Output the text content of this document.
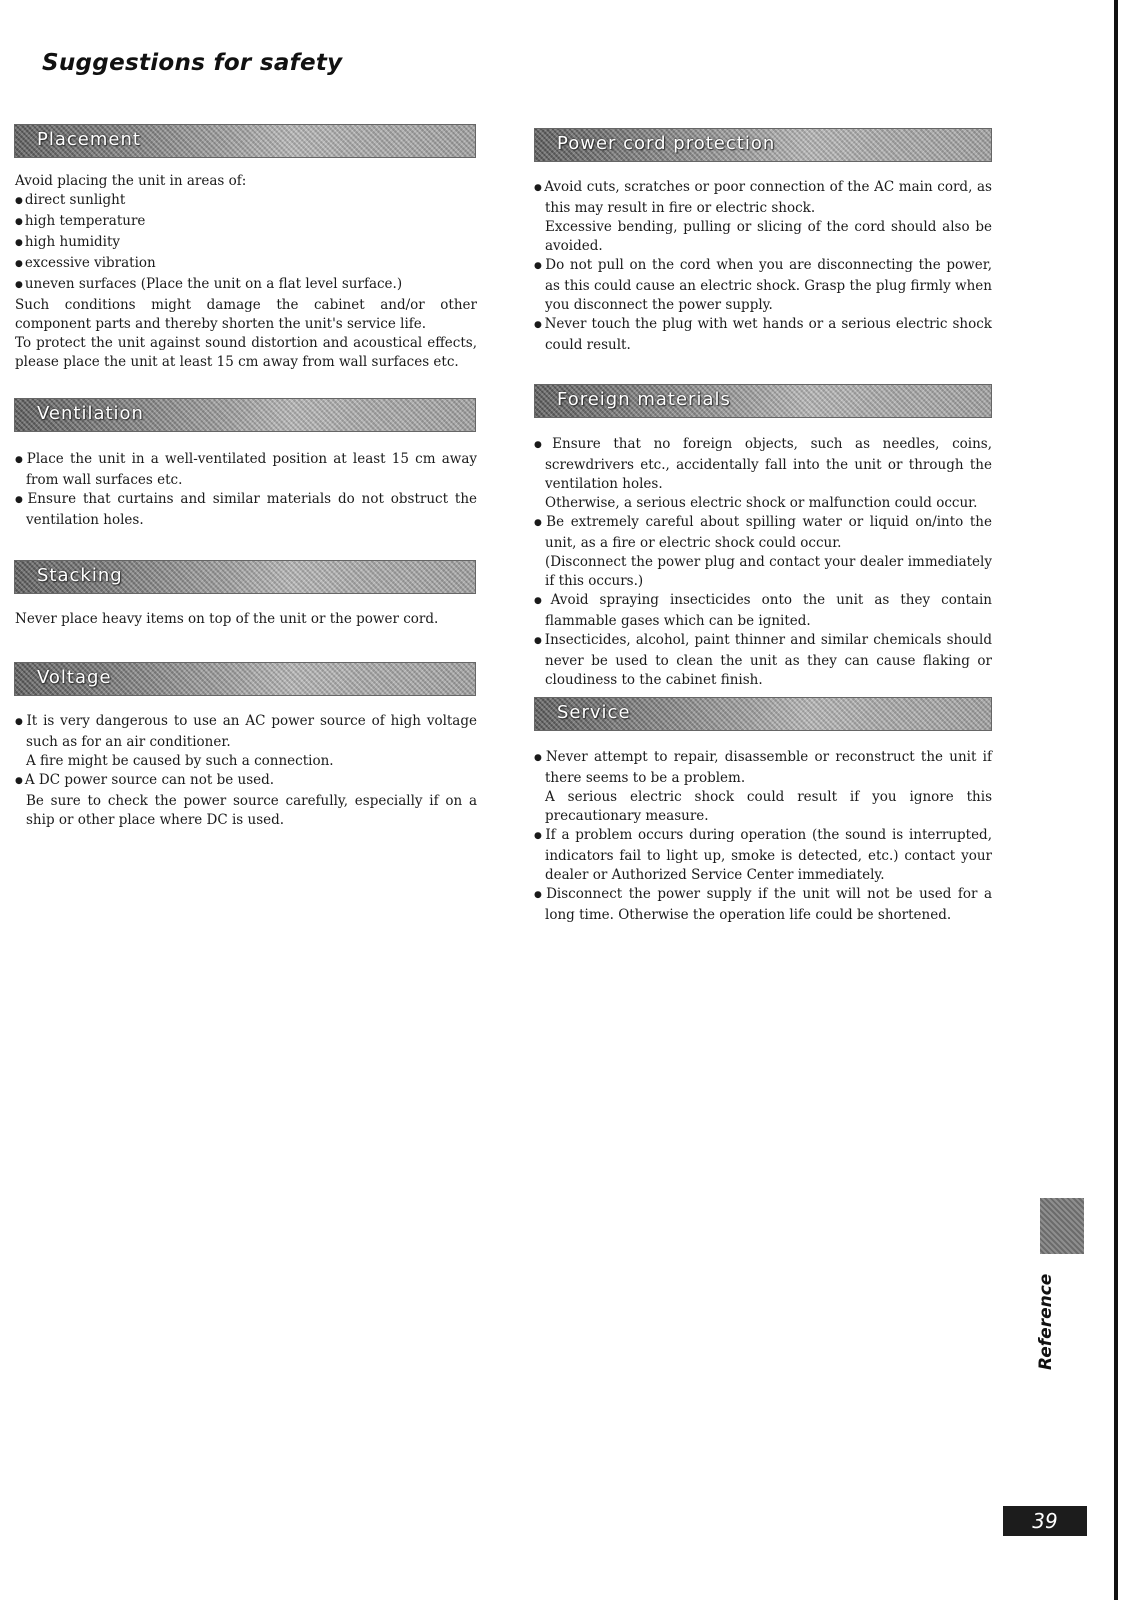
Suggestions for safety
Placement

Avoid placing the unit in areas of:

● direct sunlight

● high temperature

● high humidity

● excessive vibration

● uneven surfaces (Place the unit on a flat level surface.)

Such conditions might damage the cabinet and/or other component parts and thereby shorten the unit's service life.

To protect the unit against sound distortion and acoustical effects, please place the unit at least 15 cm away from wall surfaces etc.

Ventilation

● Place the unit in a well-ventilated position at least 15 cm away from wall surfaces etc.

● Ensure that curtains and similar materials do not obstruct the ventilation holes.

Stacking

Never place heavy items on top of the unit or the power cord.

Voltage

● It is very dangerous to use an AC power source of high voltage such as for an air conditioner.

A fire might be caused by such a connection.

● A DC power source can not be used.

Be sure to check the power source carefully, especially if on a ship or other place where DC is used.

Power cord protection

● Avoid cuts, scratches or poor connection of the AC main cord, as this may result in fire or electric shock.

Excessive bending, pulling or slicing of the cord should also be avoided.

● Do not pull on the cord when you are disconnecting the power, as this could cause an electric shock. Grasp the plug firmly when you disconnect the power supply.

● Never touch the plug with wet hands or a serious electric shock could result.

Foreign materials

● Ensure that no foreign objects, such as needles, coins, screwdrivers etc., accidentally fall into the unit or through the ventilation holes.

Otherwise, a serious electric shock or malfunction could occur.

● Be extremely careful about spilling water or liquid on/into the unit, as a fire or electric shock could occur.

(Disconnect the power plug and contact your dealer immediately if this occurs.)

● Avoid spraying insecticides onto the unit as they contain flammable gases which can be ignited.

● Insecticides, alcohol, paint thinner and similar chemicals should never be used to clean the unit as they can cause flaking or cloudiness to the cabinet finish.

Service

● Never attempt to repair, disassemble or reconstruct the unit if there seems to be a problem.

A serious electric shock could result if you ignore this precautionary measure.

● If a problem occurs during operation (the sound is interrupted, indicators fail to light up, smoke is detected, etc.) contact your dealer or Authorized Service Center immediately.

● Disconnect the power supply if the unit will not be used for a long time. Otherwise the operation life could be shortened.

Reference
39
